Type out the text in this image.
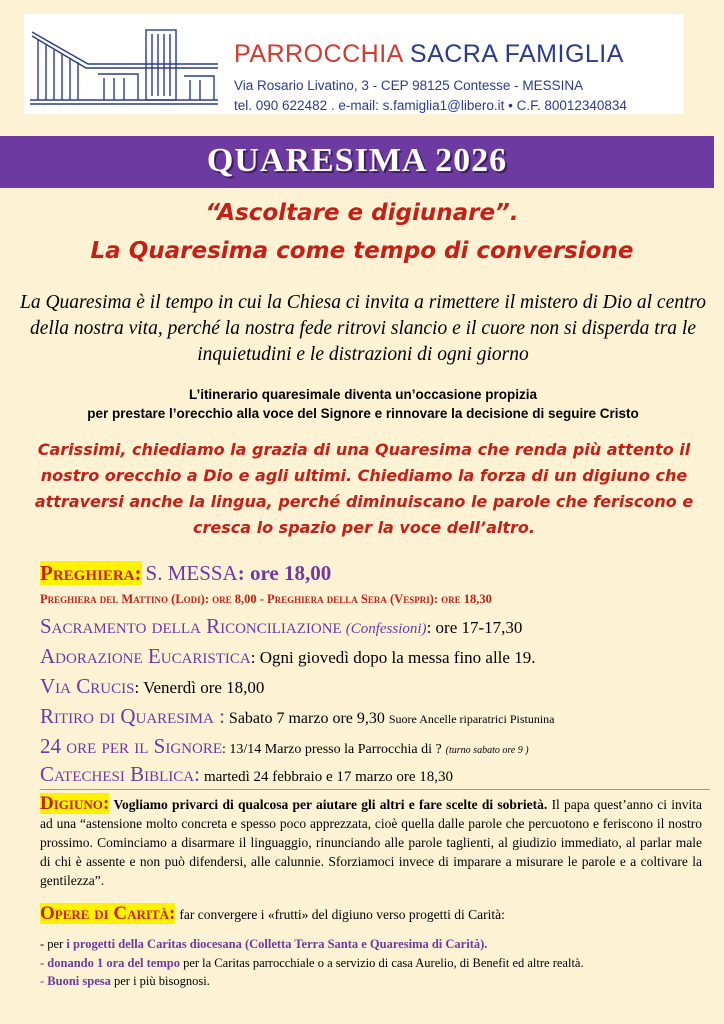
PARROCCHIA SACRA FAMIGLIA
Via Rosario Livatino, 3 - CEP 98125 Contesse - MESSINA
tel. 090 622482 . e-mail: s.famiglia1@libero.it • C.F. 80012340834
QUARESIMA 2026
“Ascoltare e digiunare”.
La Quaresima come tempo di conversione
La Quaresima è il tempo in cui la Chiesa ci invita a rimettere il mistero di Dio al centro della nostra vita, perché la nostra fede ritrovi slancio e il cuore non si disperda tra le inquietudini e le distrazioni di ogni giorno
L’itinerario quaresimale diventa un’occasione propizia
per prestare l’orecchio alla voce del Signore e rinnovare la decisione di seguire Cristo
Carissimi, chiediamo la grazia di una Quaresima che renda più attento il nostro orecchio a Dio e agli ultimi. Chiediamo la forza di un digiuno che attraversi anche la lingua, perché diminuiscano le parole che feriscono e cresca lo spazio per la voce dell’altro.
Preghiera: S. MESSA: ore 18,00
Preghiera del Mattino (Lodi): ore 8,00 - Preghiera della Sera (Vespri): ore 18,30
Sacramento della Riconciliazione (Confessioni): ore 17-17,30
Adorazione Eucaristica: Ogni giovedì dopo la messa fino alle 19.
Via Crucis: Venerdì ore 18,00
Ritiro di Quaresima : Sabato 7 marzo ore 9,30 Suore Ancelle riparatrici Pistunina
24 ore per il Signore: 13/14 Marzo presso la Parrocchia di ? (turno sabato ore 9 )
Catechesi Biblica: martedì 24 febbraio e 17 marzo ore 18,30
Digiuno: Vogliamo privarci di qualcosa per aiutare gli altri e fare scelte di sobrietà. Il papa quest’anno ci invita ad una “astensione molto concreta e spesso poco apprezzata, cioè quella dalle parole che percuotono e feriscono il nostro prossimo. Cominciamo a disarmare il linguaggio, rinunciando alle parole taglienti, al giudizio immediato, al parlar male di chi è assente e non può difendersi, alle calunnie. Sforziamoci invece di imparare a misurare le parole e a coltivare la gentilezza”.
Opere di Carità: far convergere i «frutti» del digiuno verso progetti di Carità:
- per i progetti della Caritas diocesana (Colletta Terra Santa e Quaresima di Carità).
- donando 1 ora del tempo per la Caritas parrocchiale o a servizio di casa Aurelio, di Benefit ed altre realtà.
- Buoni spesa per i più bisognosi.
